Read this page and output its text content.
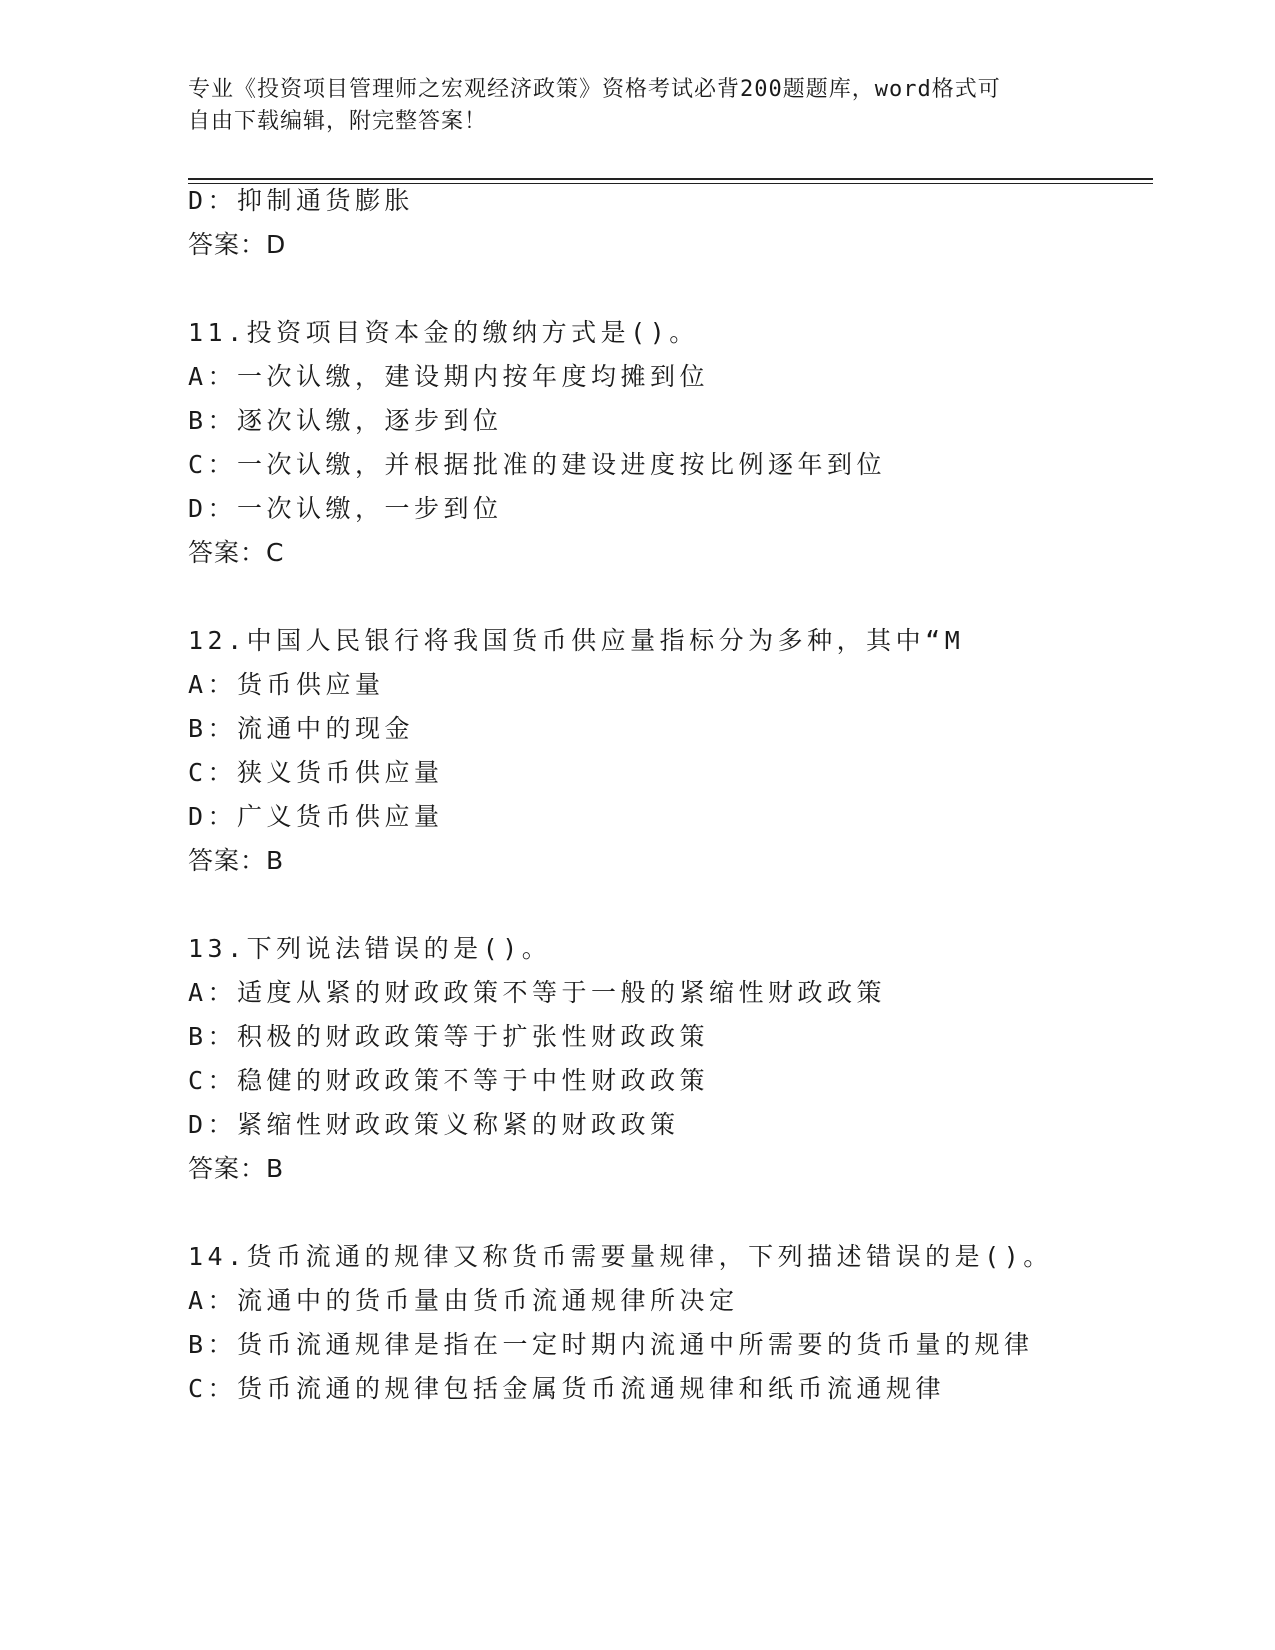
专业《投资项目管理师之宏观经济政策》资格考试必背200题题库，word格式可
自由下载编辑，附完整答案！
D：抑制通货膨胀
答案：D
11.投资项目资本金的缴纳方式是()。
A：一次认缴，建设期内按年度均摊到位
B：逐次认缴，逐步到位
C：一次认缴，并根据批准的建设进度按比例逐年到位
D：一次认缴，一步到位
答案：C
12.中国人民银行将我国货币供应量指标分为多种，其中“M
A：货币供应量
B：流通中的现金
C：狭义货币供应量
D：广义货币供应量
答案：B
13.下列说法错误的是()。
A：适度从紧的财政政策不等于一般的紧缩性财政政策
B：积极的财政政策等于扩张性财政政策
C：稳健的财政政策不等于中性财政政策
D：紧缩性财政政策义称紧的财政政策
答案：B
14.货币流通的规律又称货币需要量规律，下列描述错误的是()。
A：流通中的货币量由货币流通规律所决定
B：货币流通规律是指在一定时期内流通中所需要的货币量的规律
C：货币流通的规律包括金属货币流通规律和纸币流通规律
